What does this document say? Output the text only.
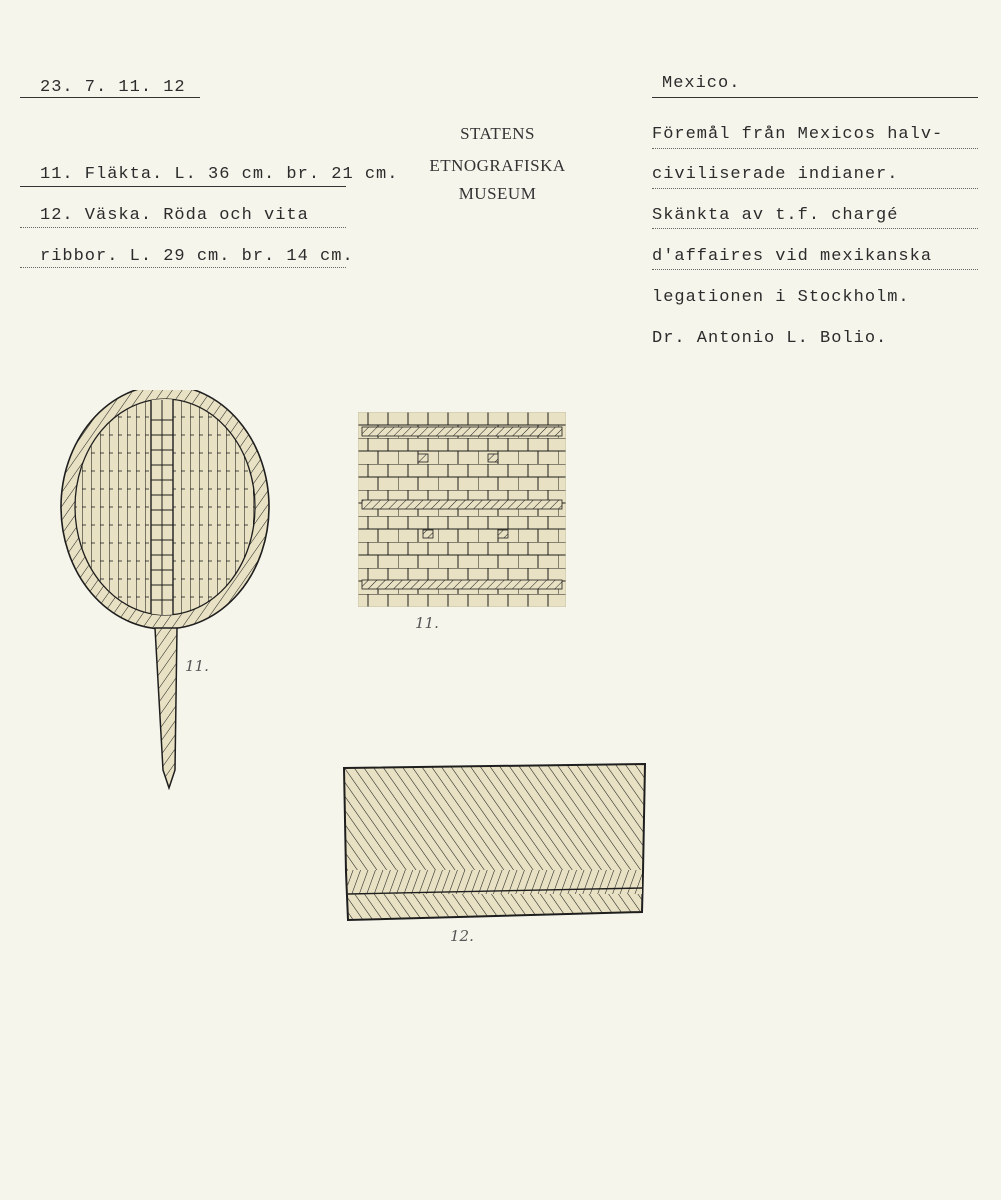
23. 7. 11. 12
11. Fläkta. L. 36 cm. br. 21 cm.
12. Väska. Röda och vita
ribbor. L. 29 cm. br. 14 cm.
STATENS
ETNOGRAFISKA
MUSEUM
Mexico.
Föremål från Mexicos halv-
civiliserade indianer.
Skänkta av t.f. chargé
d'affaires vid mexikanska
legationen i Stockholm.
Dr. Antonio L. Bolio.
11.
11.
12.
